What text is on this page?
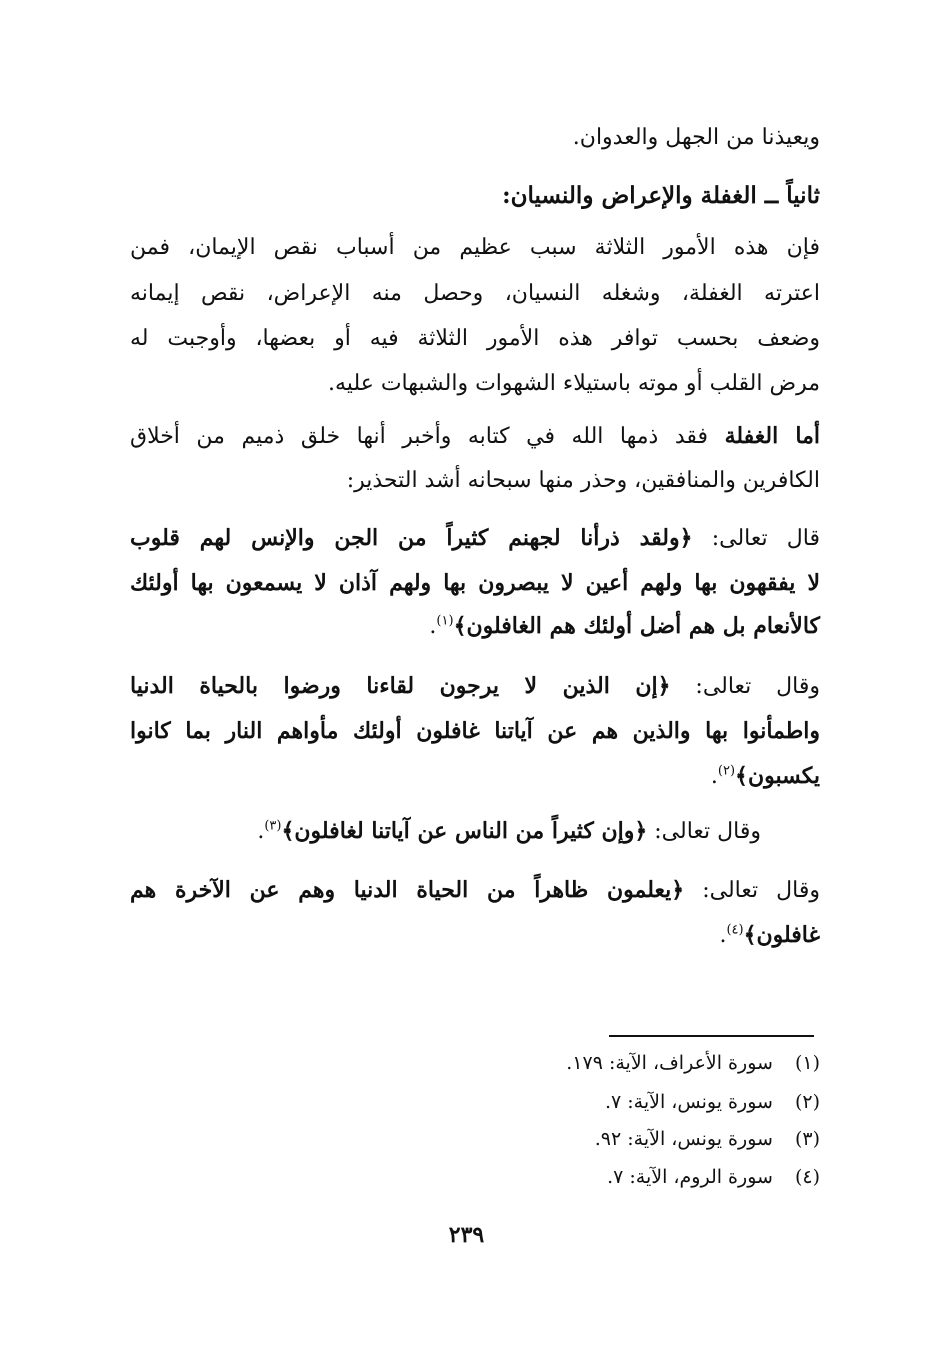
ويعيذنا من الجهل والعدوان.
ثانياً ــ الغفلة والإعراض والنسيان:
فإن هذه الأمور الثلاثة سبب عظيم من أسباب نقص الإيمان، فمن
اعترته الغفلة، وشغله النسيان، وحصل منه الإعراض، نقص إيمانه
وضعف بحسب توافر هذه الأمور الثلاثة فيه أو بعضها، وأوجبت له
مرض القلب أو موته باستيلاء الشهوات والشبهات عليه.
أما الغفلة فقد ذمها الله في كتابه وأخبر أنها خلق ذميم من أخلاق
الكافرين والمنافقين، وحذر منها سبحانه أشد التحذير:
قال تعالى: ﴿ولقد ذرأنا لجهنم كثيراً من الجن والإنس لهم قلوب
لا يفقهون بها ولهم أعين لا يبصرون بها ولهم آذان لا يسمعون بها أولئك
كالأنعام بل هم أضل أولئك هم الغافلون﴾$^{(١)}$.
وقال تعالى: ﴿إن الذين لا يرجون لقاءنا ورضوا بالحياة الدنيا
واطمأنوا بها والذين هم عن آياتنا غافلون أولئك مأواهم النار بما كانوا
يكسبون﴾$^{(٢)}$.
وقال تعالى: ﴿وإن كثيراً من الناس عن آياتنا لغافلون﴾$^{(٣)}$.
وقال تعالى: ﴿يعلمون ظاهراً من الحياة الدنيا وهم عن الآخرة هم
غافلون﴾$^{(٤)}$.
(١)سورة الأعراف، الآية: ١٧٩.
(٢)سورة يونس، الآية: ٧.
(٣)سورة يونس، الآية: ٩٢.
(٤)سورة الروم، الآية: ٧.
٢٣٩
